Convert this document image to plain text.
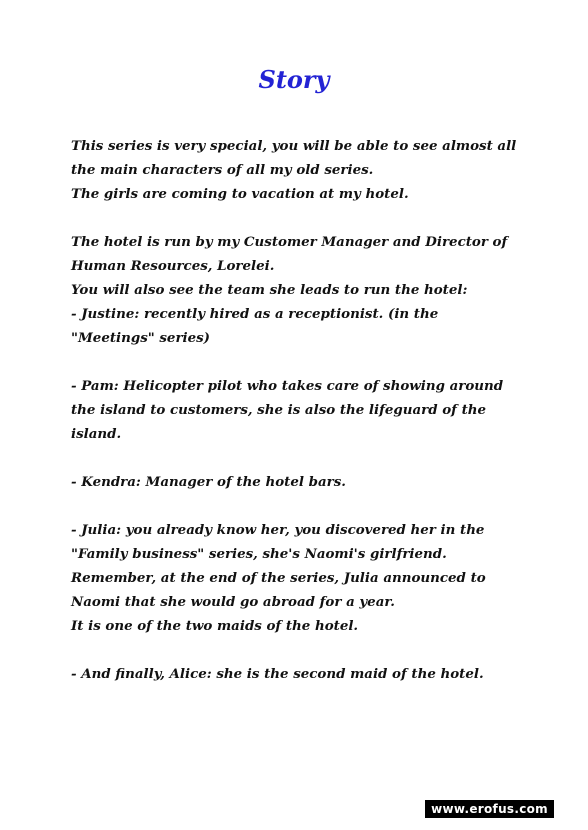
Story
This series is very special, you will be able to see almost all
the main characters of all my old series.
The girls are coming to vacation at my hotel.
The hotel is run by my Customer Manager and Director of
Human Resources, Lorelei.
You will also see the team she leads to run the hotel:
- Justine: recently hired as a receptionist. (in the
"Meetings" series)
- Pam: Helicopter pilot who takes care of showing around
the island to customers, she is also the lifeguard of the
island.
- Kendra: Manager of the hotel bars.
- Julia: you already know her, you discovered her in the
"Family business" series, she's Naomi's girlfriend.
Remember, at the end of the series, Julia announced to
Naomi that she would go abroad for a year.
It is one of the two maids of the hotel.
- And finally, Alice: she is the second maid of the hotel.
www.erofus.com
